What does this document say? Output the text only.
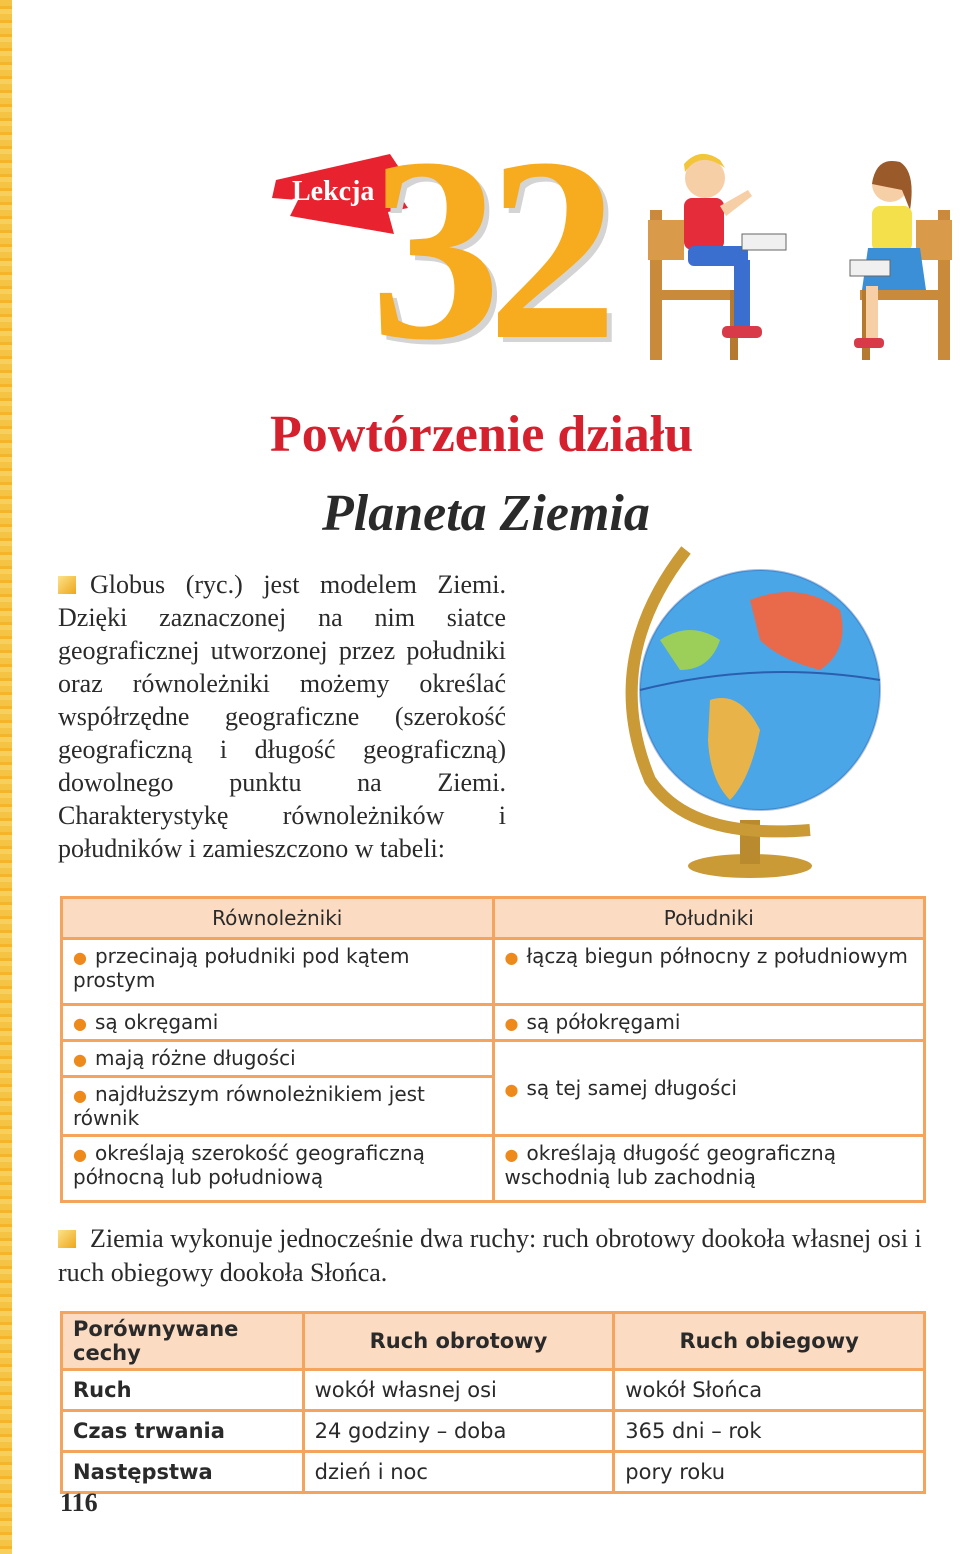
Lekcja
32
Powtórzenie działu
Planeta Ziemia
Globus (ryc.) jest modelem Ziemi. Dzięki zaznaczonej na nim siatce geograficznej utworzonej przez południki oraz równoleżniki możemy określać współrzędne geograficzne (szerokość geograficzną i długość geograficzną) dowolnego punktu na Ziemi. Charakterystykę równoleżników i południków i zamieszczono w tabeli:
Równoleżniki	Południki
● przecinają południki pod kątem prostym	● łączą biegun północny z południowym
● są okręgami	● są półokręgami
● mają różne długości	● są tej samej długości
● najdłuższym równoleżnikiem jest równik	
● określają szerokość geograficzną północną lub południową	● określają długość geograficzną wschodnią lub zachodnią
Ziemia wykonuje jednocześnie dwa ruchy: ruch obrotowy dookoła własnej osi i ruch obiegowy dookoła Słońca.
Porównywane cechy	Ruch obrotowy	Ruch obiegowy
Ruch	wokół własnej osi	wokół Słońca
Czas trwania	24 godziny – doba	365 dni – rok
Następstwa	dzień i noc	pory roku
116
